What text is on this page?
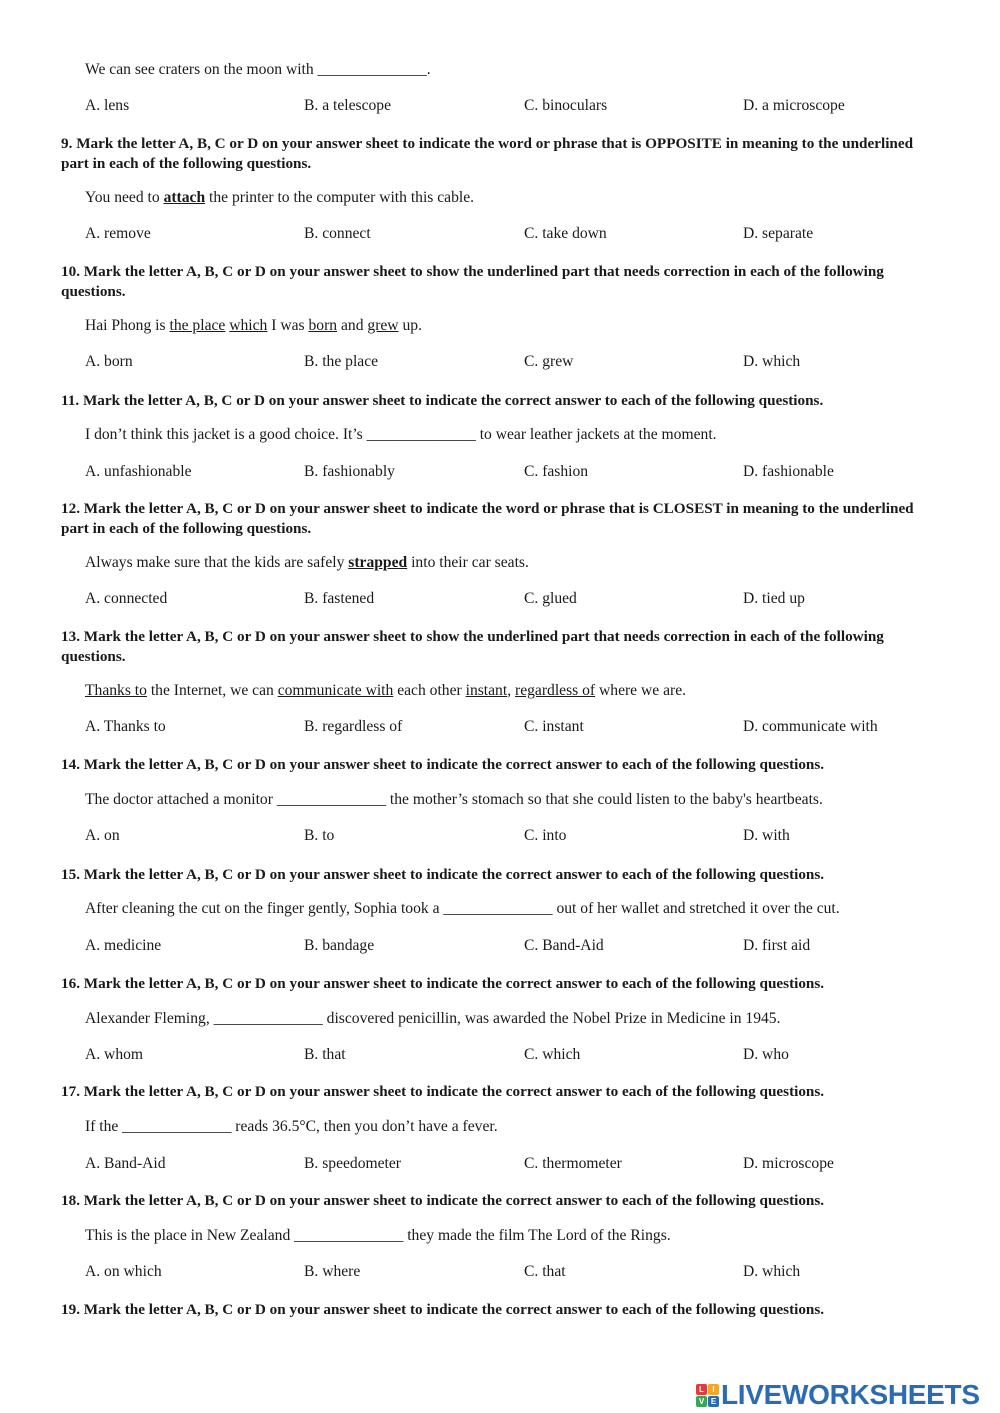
We can see craters on the moon with ______________.
A. lens	B. a telescope	C. binoculars	D. a microscope
9. Mark the letter A, B, C or D on your answer sheet to indicate the word or phrase that is OPPOSITE in meaning to the underlined part in each of the following questions.
You need to attach the printer to the computer with this cable.
A. remove	B. connect	C. take down	D. separate
10. Mark the letter A, B, C or D on your answer sheet to show the underlined part that needs correction in each of the following questions.
Hai Phong is the place which I was born and grew up.
A. born	B. the place	C. grew	D. which
11. Mark the letter A, B, C or D on your answer sheet to indicate the correct answer to each of the following questions.
I don’t think this jacket is a good choice. It’s ______________ to wear leather jackets at the moment.
A. unfashionable	B. fashionably	C. fashion	D. fashionable
12. Mark the letter A, B, C or D on your answer sheet to indicate the word or phrase that is CLOSEST in meaning to the underlined part in each of the following questions.
Always make sure that the kids are safely strapped into their car seats.
A. connected	B. fastened	C. glued	D. tied up
13. Mark the letter A, B, C or D on your answer sheet to show the underlined part that needs correction in each of the following questions.
Thanks to the Internet, we can communicate with each other instant, regardless of where we are.
A. Thanks to	B. regardless of	C. instant	D. communicate with
14. Mark the letter A, B, C or D on your answer sheet to indicate the correct answer to each of the following questions.
The doctor attached a monitor ______________ the mother’s stomach so that she could listen to the baby's heartbeats.
A. on	B. to	C. into	D. with
15. Mark the letter A, B, C or D on your answer sheet to indicate the correct answer to each of the following questions.
After cleaning the cut on the finger gently, Sophia took a ______________ out of her wallet and stretched it over the cut.
A. medicine	B. bandage	C. Band-Aid	D. first aid
16. Mark the letter A, B, C or D on your answer sheet to indicate the correct answer to each of the following questions.
Alexander Fleming, ______________ discovered penicillin, was awarded the Nobel Prize in Medicine in 1945.
A. whom	B. that	C. which	D. who
17. Mark the letter A, B, C or D on your answer sheet to indicate the correct answer to each of the following questions.
If the ______________ reads 36.5°C, then you don’t have a fever.
A. Band-Aid	B. speedometer	C. thermometer	D. microscope
18. Mark the letter A, B, C or D on your answer sheet to indicate the correct answer to each of the following questions.
This is the place in New Zealand ______________ they made the film The Lord of the Rings.
A. on which	B. where	C. that	D. which
19. Mark the letter A, B, C or D on your answer sheet to indicate the correct answer to each of the following questions.
L	I
V E LIVEWORKSHEETS
